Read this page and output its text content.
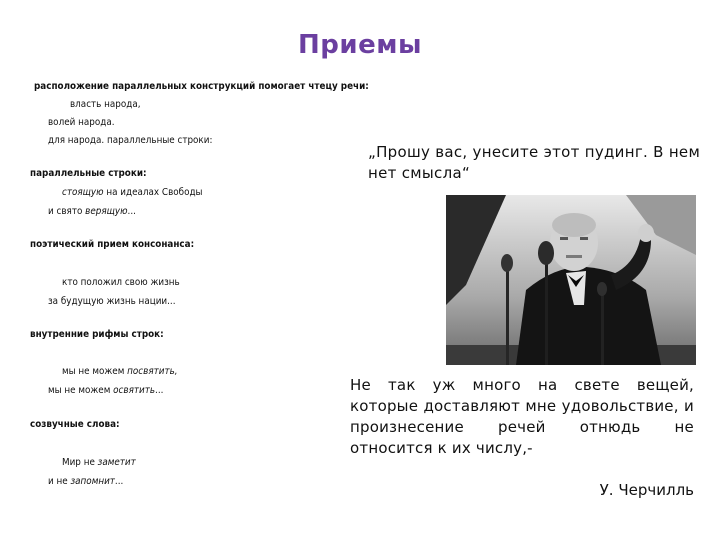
Приемы
расположение параллельных конструкций помогает чтецу речи:
власть народа,
волей народа.
для народа. параллельные строки:
параллельные строки:
стоящую на идеалах Свободы
и свято верящую...
поэтический прием консонанса:
кто положил свою жизнь
за будущую жизнь нации...
внутренние рифмы строк:
мы не можем посвятить,
мы не можем освятить...
созвучные слова:
Мир не заметит
и не запомнит...
„Прошу вас, унесите этот пудинг. В нем нет смысла“
Не так уж много на свете вещей, которые доставляют мне удовольствие, и произнесение речей отнюдь не относится к их числу,-
У. Черчилль
